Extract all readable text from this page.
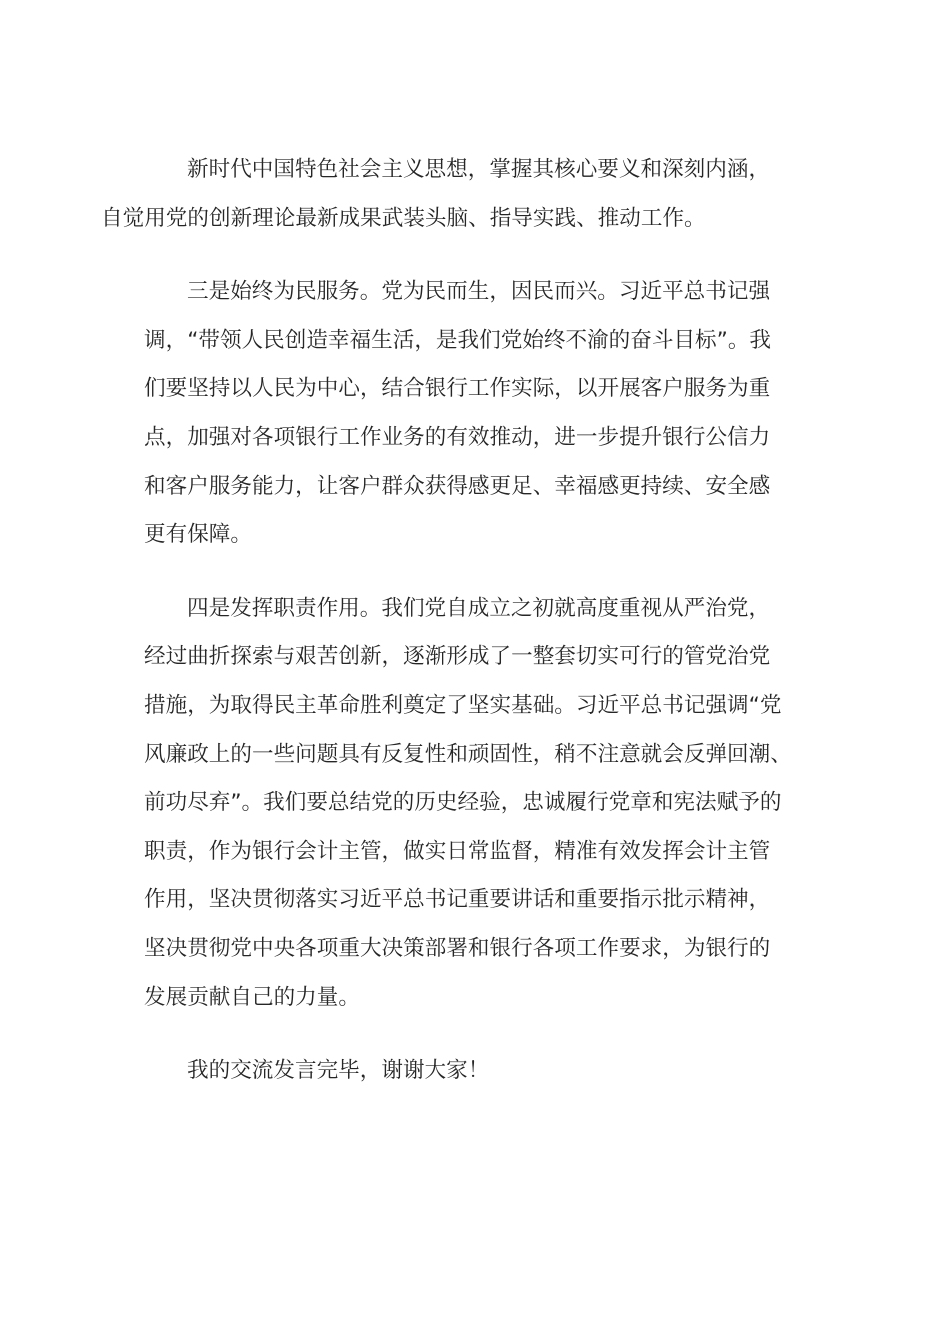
新时代中国特色社会主义思想，掌握其核心要义和深刻内涵，
自觉用党的创新理论最新成果武装头脑、指导实践、推动工作。

三是始终为民服务。党为民而生，因民而兴。习近平总书记强
调，“带领人民创造幸福生活，是我们党始终不渝的奋斗目标”。我
们要坚持以人民为中心，结合银行工作实际，以开展客户服务为重
点，加强对各项银行工作业务的有效推动，进一步提升银行公信力
和客户服务能力，让客户群众获得感更足、幸福感更持续、安全感
更有保障。

四是发挥职责作用。我们党自成立之初就高度重视从严治党，
经过曲折探索与艰苦创新，逐渐形成了一整套切实可行的管党治党
措施，为取得民主革命胜利奠定了坚实基础。习近平总书记强调“党
风廉政上的一些问题具有反复性和顽固性，稍不注意就会反弹回潮、
前功尽弃”。我们要总结党的历史经验，忠诚履行党章和宪法赋予的
职责，作为银行会计主管，做实日常监督，精准有效发挥会计主管
作用，坚决贯彻落实习近平总书记重要讲话和重要指示批示精神，
坚决贯彻党中央各项重大决策部署和银行各项工作要求，为银行的
发展贡献自己的力量。

我的交流发言完毕，谢谢大家！
